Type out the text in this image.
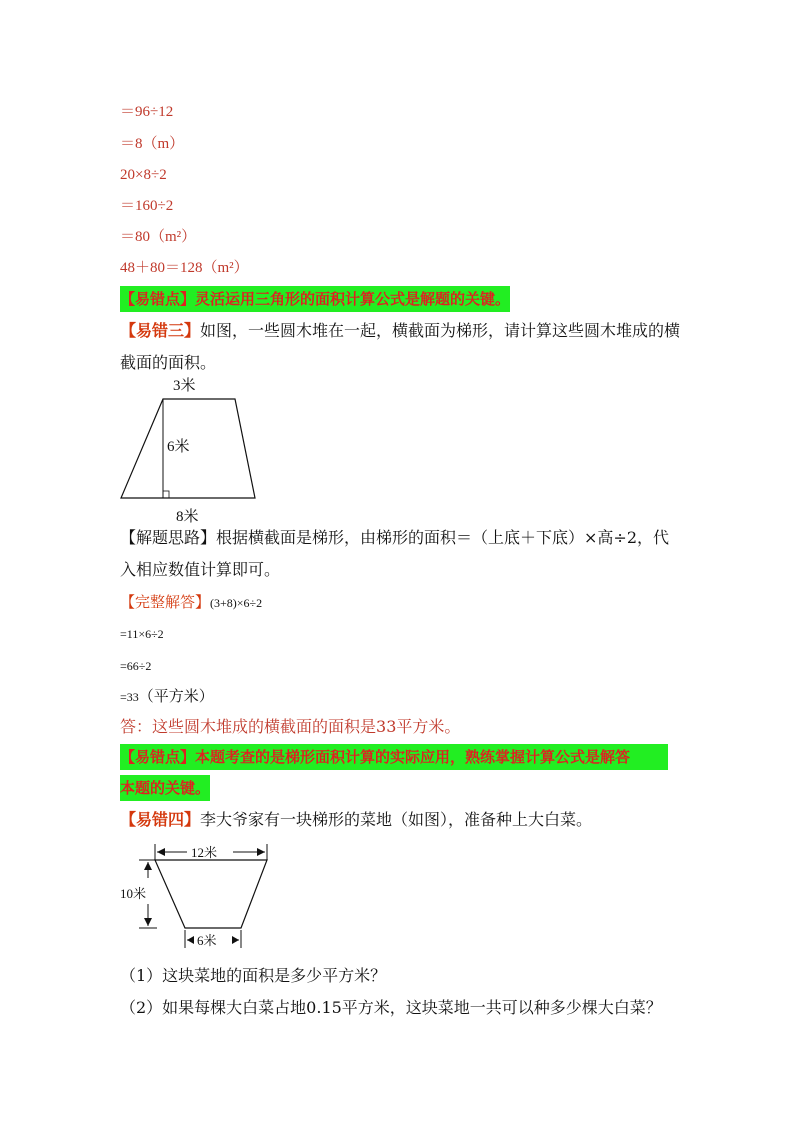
＝96÷12
＝8（m）
20×8÷2
＝160÷2
＝80（m²）
48＋80＝128（m²）
【易错点】灵活运用三角形的面积计算公式是解题的关键。
【易错三】如图，一些圆木堆在一起，横截面为梯形，请计算这些圆木堆成的横
截面的面积。
3米
6米
8米
【解题思路】根据横截面是梯形，由梯形的面积＝（上底＋下底）×高÷2，代
入相应数值计算即可。
【完整解答】(3+8)×6÷2
=11×6÷2
=66÷2
=33（平方米）
答：这些圆木堆成的横截面的面积是33平方米。
【易错点】本题考查的是梯形面积计算的实际应用，熟练掌握计算公式是解答
本题的关键。
【易错四】李大爷家有一块梯形的菜地（如图），准备种上大白菜。
12米
10米
6米
（1）这块菜地的面积是多少平方米？
（2）如果每棵大白菜占地0.15平方米，这块菜地一共可以种多少棵大白菜？
